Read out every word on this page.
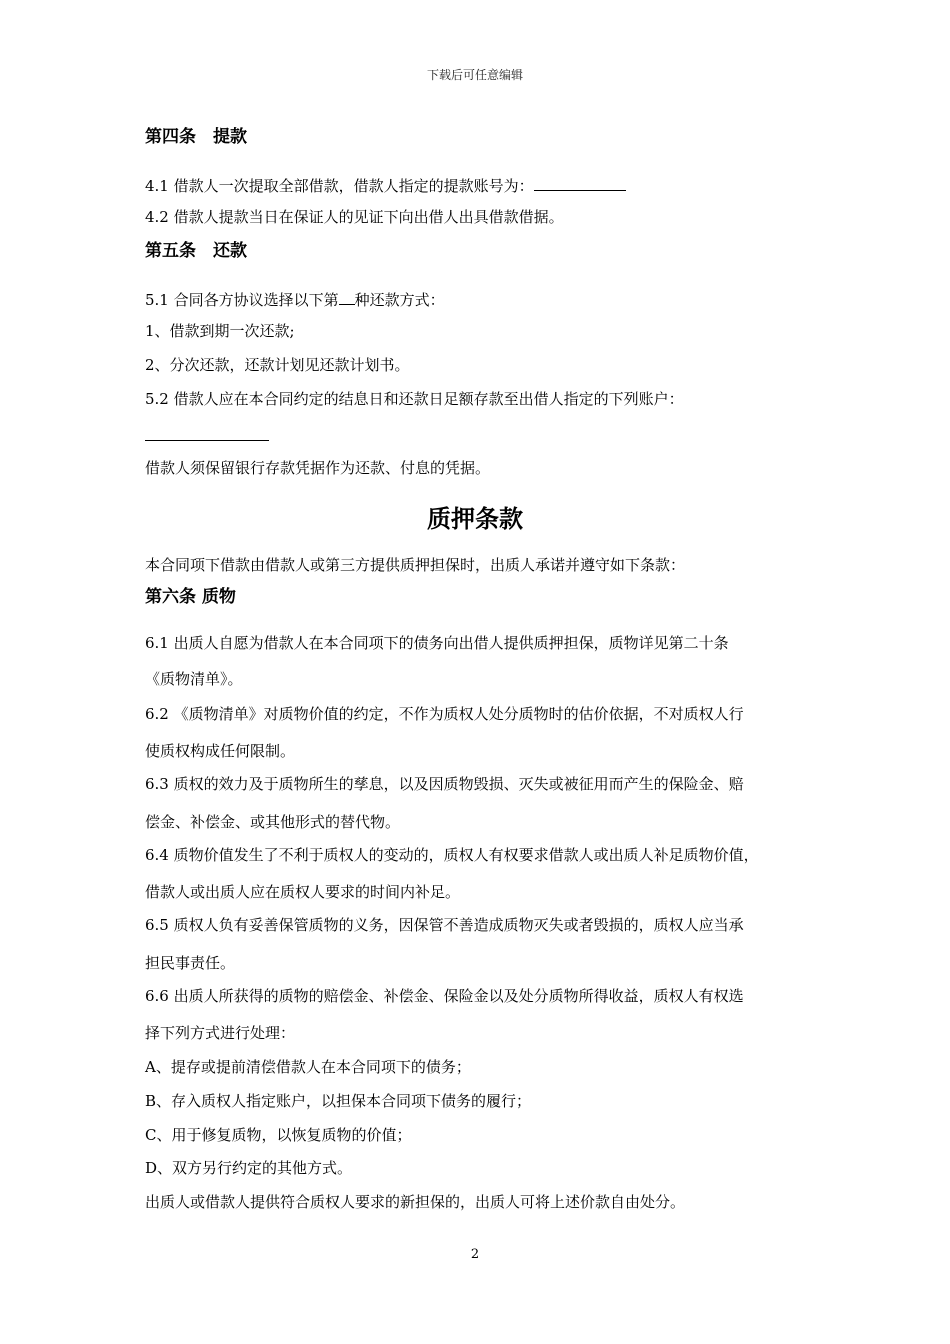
下载后可任意编辑
第四条　提款
4.1 借款人一次提取全部借款，借款人指定的提款账号为：
4.2 借款人提款当日在保证人的见证下向出借人出具借款借据。
第五条　还款
5.1 合同各方协议选择以下第 种还款方式：
1、借款到期一次还款;
2、分次还款，还款计划见还款计划书。
5.2 借款人应在本合同约定的结息日和还款日足额存款至出借人指定的下列账户：
借款人须保留银行存款凭据作为还款、付息的凭据。
质押条款
本合同项下借款由借款人或第三方提供质押担保时，出质人承诺并遵守如下条款：
第六条 质物
6.1 出质人自愿为借款人在本合同项下的债务向出借人提供质押担保，质物详见第二十条
《质物清单》。
6.2 《质物清单》对质物价值的约定，不作为质权人处分质物时的估价依据，不对质权人行
使质权构成任何限制。
6.3 质权的效力及于质物所生的孳息，以及因质物毁损、灭失或被征用而产生的保险金、赔
偿金、补偿金、或其他形式的替代物。
6.4 质物价值发生了不利于质权人的变动的，质权人有权要求借款人或出质人补足质物价值，
借款人或出质人应在质权人要求的时间内补足。
6.5 质权人负有妥善保管质物的义务，因保管不善造成质物灭失或者毁损的，质权人应当承
担民事责任。
6.6 出质人所获得的质物的赔偿金、补偿金、保险金以及处分质物所得收益，质权人有权选
择下列方式进行处理：
A、提存或提前清偿借款人在本合同项下的债务；
B、存入质权人指定账户，以担保本合同项下债务的履行；
C、用于修复质物，以恢复质物的价值；
D、双方另行约定的其他方式。
出质人或借款人提供符合质权人要求的新担保的，出质人可将上述价款自由处分。
2
